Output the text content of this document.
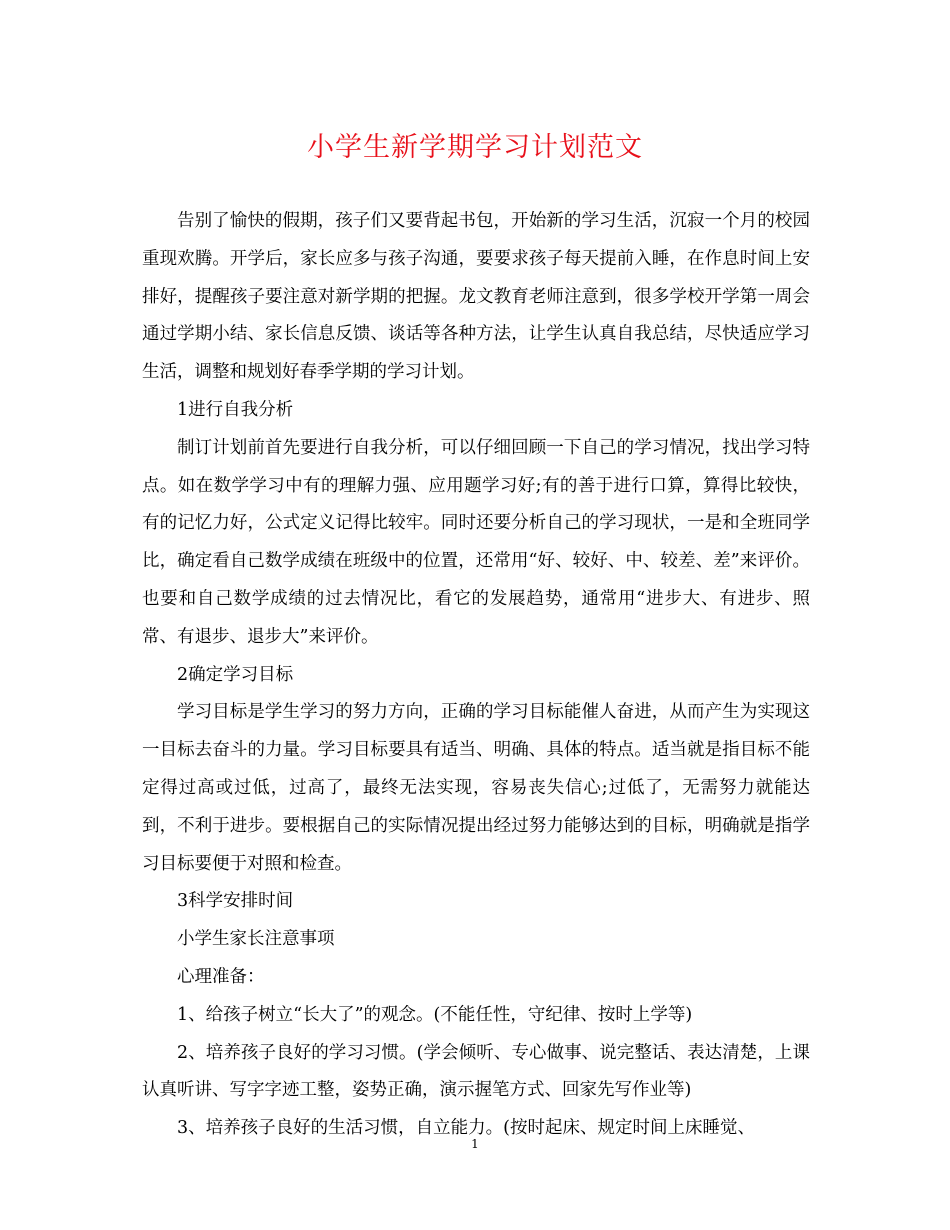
小学生新学期学习计划范文

告别了愉快的假期，孩子们又要背起书包，开始新的学习生活，沉寂一个月的校园重现欢腾。开学后，家长应多与孩子沟通，要要求孩子每天提前入睡，在作息时间上安排好，提醒孩子要注意对新学期的把握。龙文教育老师注意到，很多学校开学第一周会通过学期小结、家长信息反馈、谈话等各种方法，让学生认真自我总结，尽快适应学习生活，调整和规划好春季学期的学习计划。

1进行自我分析

制订计划前首先要进行自我分析，可以仔细回顾一下自己的学习情况，找出学习特点。如在数学学习中有的理解力强、应用题学习好;有的善于进行口算，算得比较快，有的记忆力好，公式定义记得比较牢。同时还要分析自己的学习现状，一是和全班同学比，确定看自己数学成绩在班级中的位置，还常用“好、较好、中、较差、差”来评价。也要和自己数学成绩的过去情况比，看它的发展趋势，通常用“进步大、有进步、照常、有退步、退步大”来评价。

2确定学习目标

学习目标是学生学习的努力方向，正确的学习目标能催人奋进，从而产生为实现这一目标去奋斗的力量。学习目标要具有适当、明确、具体的特点。适当就是指目标不能定得过高或过低，过高了，最终无法实现，容易丧失信心;过低了，无需努力就能达到，不利于进步。要根据自己的实际情况提出经过努力能够达到的目标，明确就是指学习目标要便于对照和检查。

3科学安排时间

小学生家长注意事项

心理准备：

1、给孩子树立“长大了”的观念。(不能任性，守纪律、按时上学等)

2、培养孩子良好的学习习惯。(学会倾听、专心做事、说完整话、表达清楚，上课认真听讲、写字字迹工整，姿势正确，演示握笔方式、回家先写作业等)

3、培养孩子良好的生活习惯，自立能力。(按时起床、规定时间上床睡觉、

1
